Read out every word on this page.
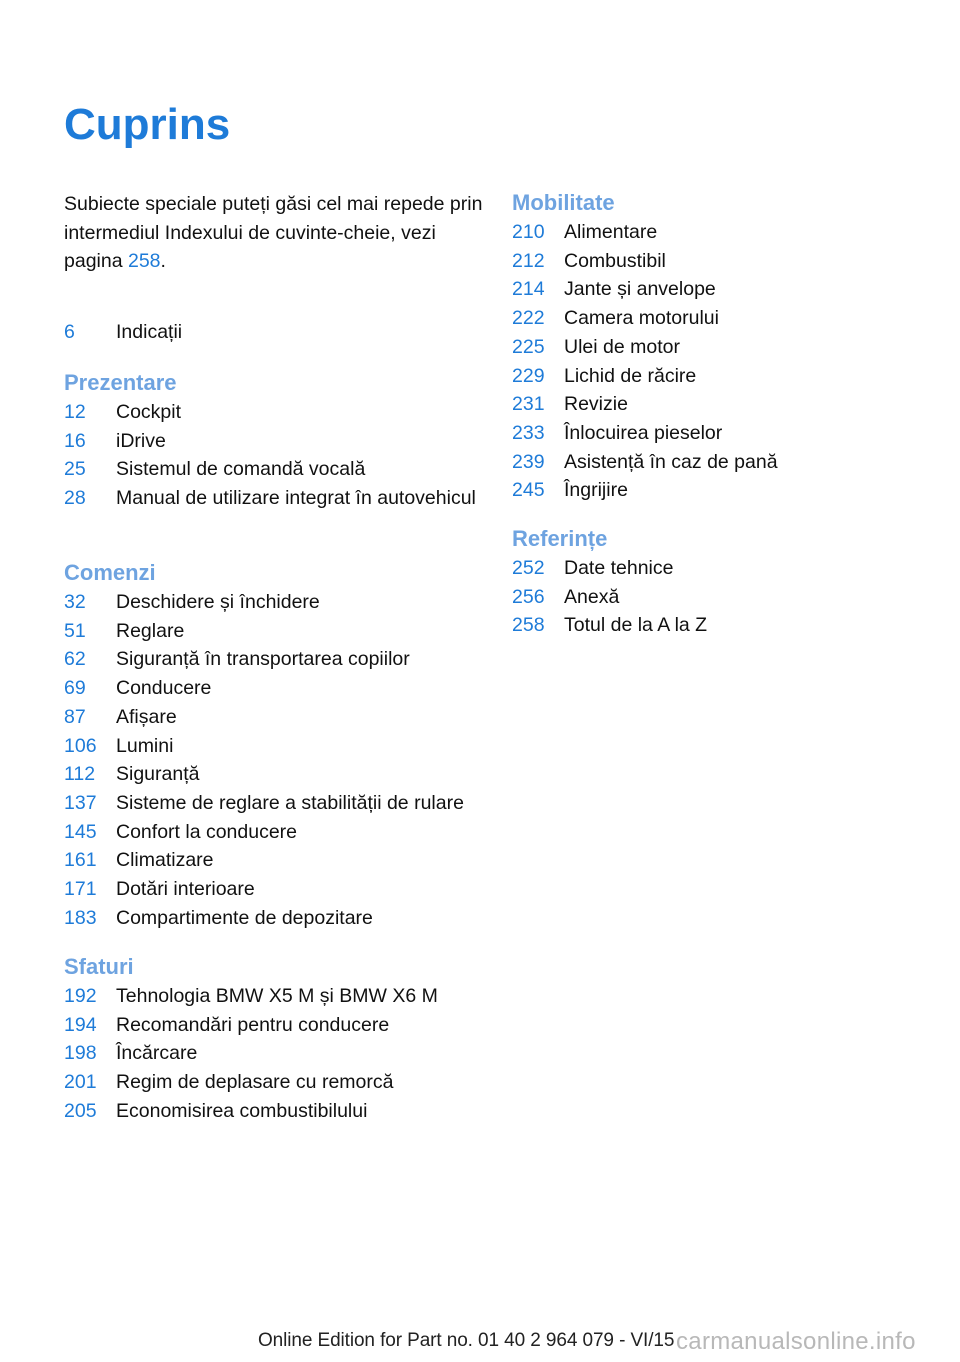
Cuprins

Subiecte speciale puteți găsi cel mai repede prin intermediul Indexului de cuvinte-cheie, vezi pagina 258.

6	Indicații
Prezentare
12	Cockpit
16	iDrive
25	Sistemul de comandă vocală
28	Manual de utilizare integrat în autovehicul
Comenzi
32	Deschidere și închidere
51	Reglare
62	Siguranță în transportarea copiilor
69	Conducere
87	Afișare
106 Lumini
112	Siguranță
137 Sisteme de reglare a stabilității de rulare
145 Confort la conducere
161 Climatizare
171 Dotări interioare
183 Compartimente de depozitare
Sfaturi
192 Tehnologia BMW X5 M și BMW X6 M
194 Recomandări pentru conducere
198 Încărcare
201 Regim de deplasare cu remorcă
205 Economisirea combustibilului
Mobilitate
210 Alimentare
212 Combustibil
214 Jante și anvelope
222 Camera motorului
225 Ulei de motor
229 Lichid de răcire
231 Revizie
233 Înlocuirea pieselor
239 Asistență în caz de pană
245 Îngrijire
Referințe
252 Date tehnice
256 Anexă
258 Totul de la A la Z
Online Edition for Part no. 01 40 2 964 079 - VI/15 carmanualsonline.info
